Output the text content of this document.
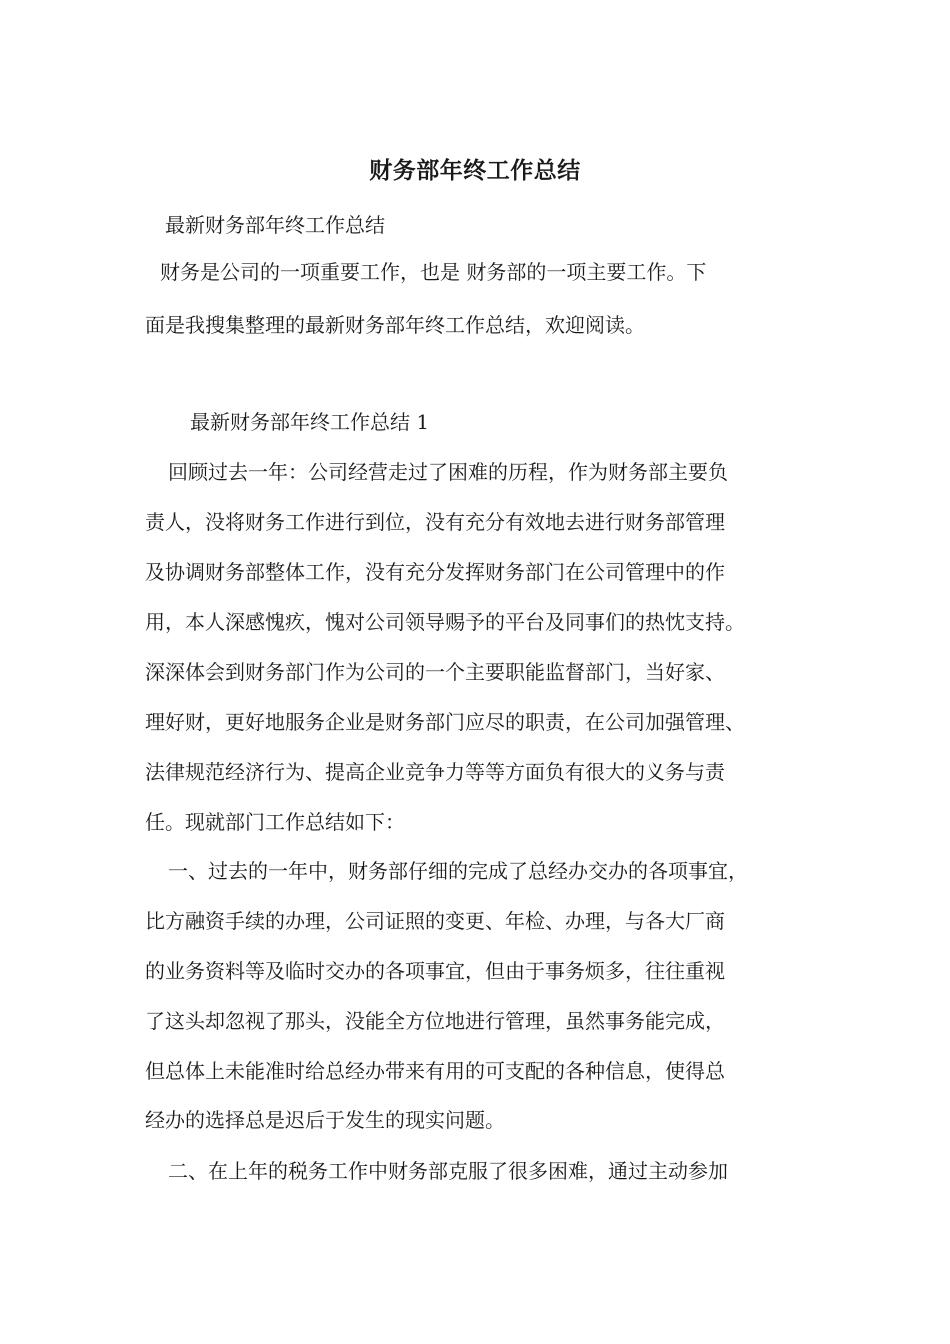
财务部年终工作总结
最新财务部年终工作总结
财务是公司的一项重要工作，也是 财务部的一项主要工作。下
面是我搜集整理的最新财务部年终工作总结，欢迎阅读。
最新财务部年终工作总结 1
回顾过去一年：公司经营走过了困难的历程，作为财务部主要负
责人，没将财务工作进行到位，没有充分有效地去进行财务部管理
及协调财务部整体工作，没有充分发挥财务部门在公司管理中的作
用，本人深感愧疚，愧对公司领导赐予的平台及同事们的热忱支持。
深深体会到财务部门作为公司的一个主要职能监督部门，当好家、
理好财，更好地服务企业是财务部门应尽的职责，在公司加强管理、
法律规范经济行为、提高企业竞争力等等方面负有很大的义务与责
任。现就部门工作总结如下：
一、过去的一年中，财务部仔细的完成了总经办交办的各项事宜，
比方融资手续的办理，公司证照的变更、年检、办理，与各大厂商
的业务资料等及临时交办的各项事宜，但由于事务烦多，往往重视
了这头却忽视了那头，没能全方位地进行管理，虽然事务能完成，
但总体上未能准时给总经办带来有用的可支配的各种信息，使得总
经办的选择总是迟后于发生的现实问题。
二、在上年的税务工作中财务部克服了很多困难，通过主动参加
